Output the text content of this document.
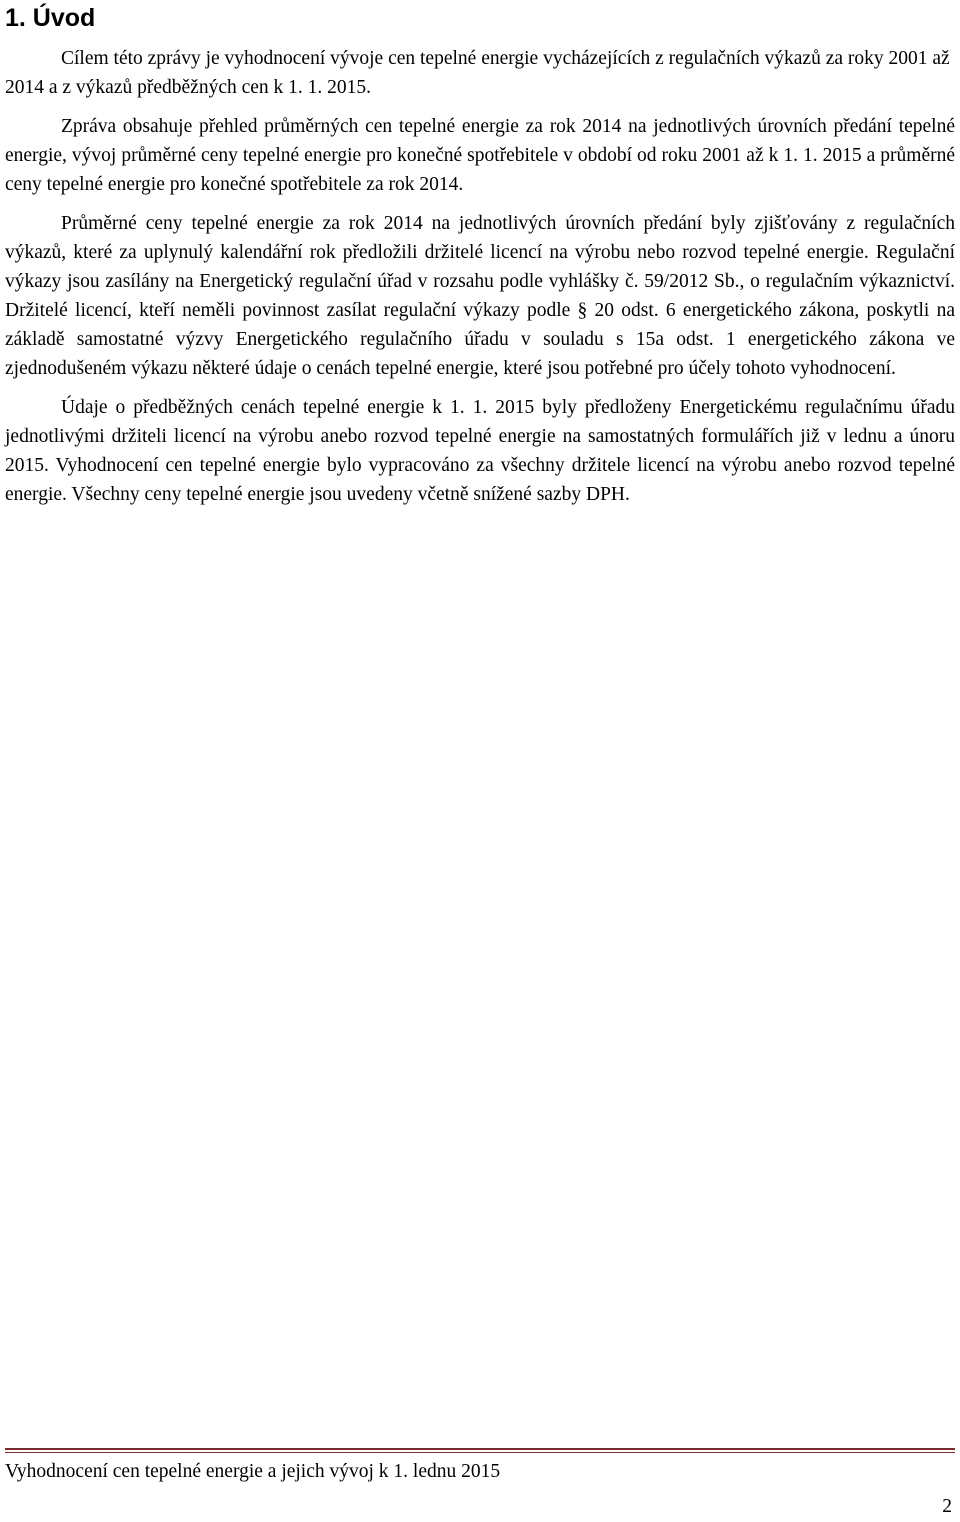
1. Úvod

Cílem této zprávy je vyhodnocení vývoje cen tepelné energie vycházejících z regulačních výkazů za roky 2001 až 2014 a z výkazů předběžných cen k 1. 1. 2015.

Zpráva obsahuje přehled průměrných cen tepelné energie za rok 2014 na jednotlivých úrovních předání tepelné energie, vývoj průměrné ceny tepelné energie pro konečné spotřebitele v období od roku 2001 až k 1. 1. 2015 a průměrné ceny tepelné energie pro konečné spotřebitele za rok 2014.

Průměrné ceny tepelné energie za rok 2014 na jednotlivých úrovních předání byly zjišťovány z regulačních výkazů, které za uplynulý kalendářní rok předložili držitelé licencí na výrobu nebo rozvod tepelné energie. Regulační výkazy jsou zasílány na Energetický regulační úřad v rozsahu podle vyhlášky č. 59/2012 Sb., o regulačním výkaznictví. Držitelé licencí, kteří neměli povinnost zasílat regulační výkazy podle § 20 odst. 6 energetického zákona, poskytli na základě samostatné výzvy Energetického regulačního úřadu v souladu s 15a odst. 1 energetického zákona ve zjednodušeném výkazu některé údaje o cenách tepelné energie, které jsou potřebné pro účely tohoto vyhodnocení.

Údaje o předběžných cenách tepelné energie k 1. 1. 2015 byly předloženy Energetickému regulačnímu úřadu jednotlivými držiteli licencí na výrobu anebo rozvod tepelné energie na samostatných formulářích již v lednu a únoru 2015. Vyhodnocení cen tepelné energie bylo vypracováno za všechny držitele licencí na výrobu anebo rozvod tepelné energie. Všechny ceny tepelné energie jsou uvedeny včetně snížené sazby DPH.

Vyhodnocení cen tepelné energie a jejich vývoj k 1. lednu 2015
2
